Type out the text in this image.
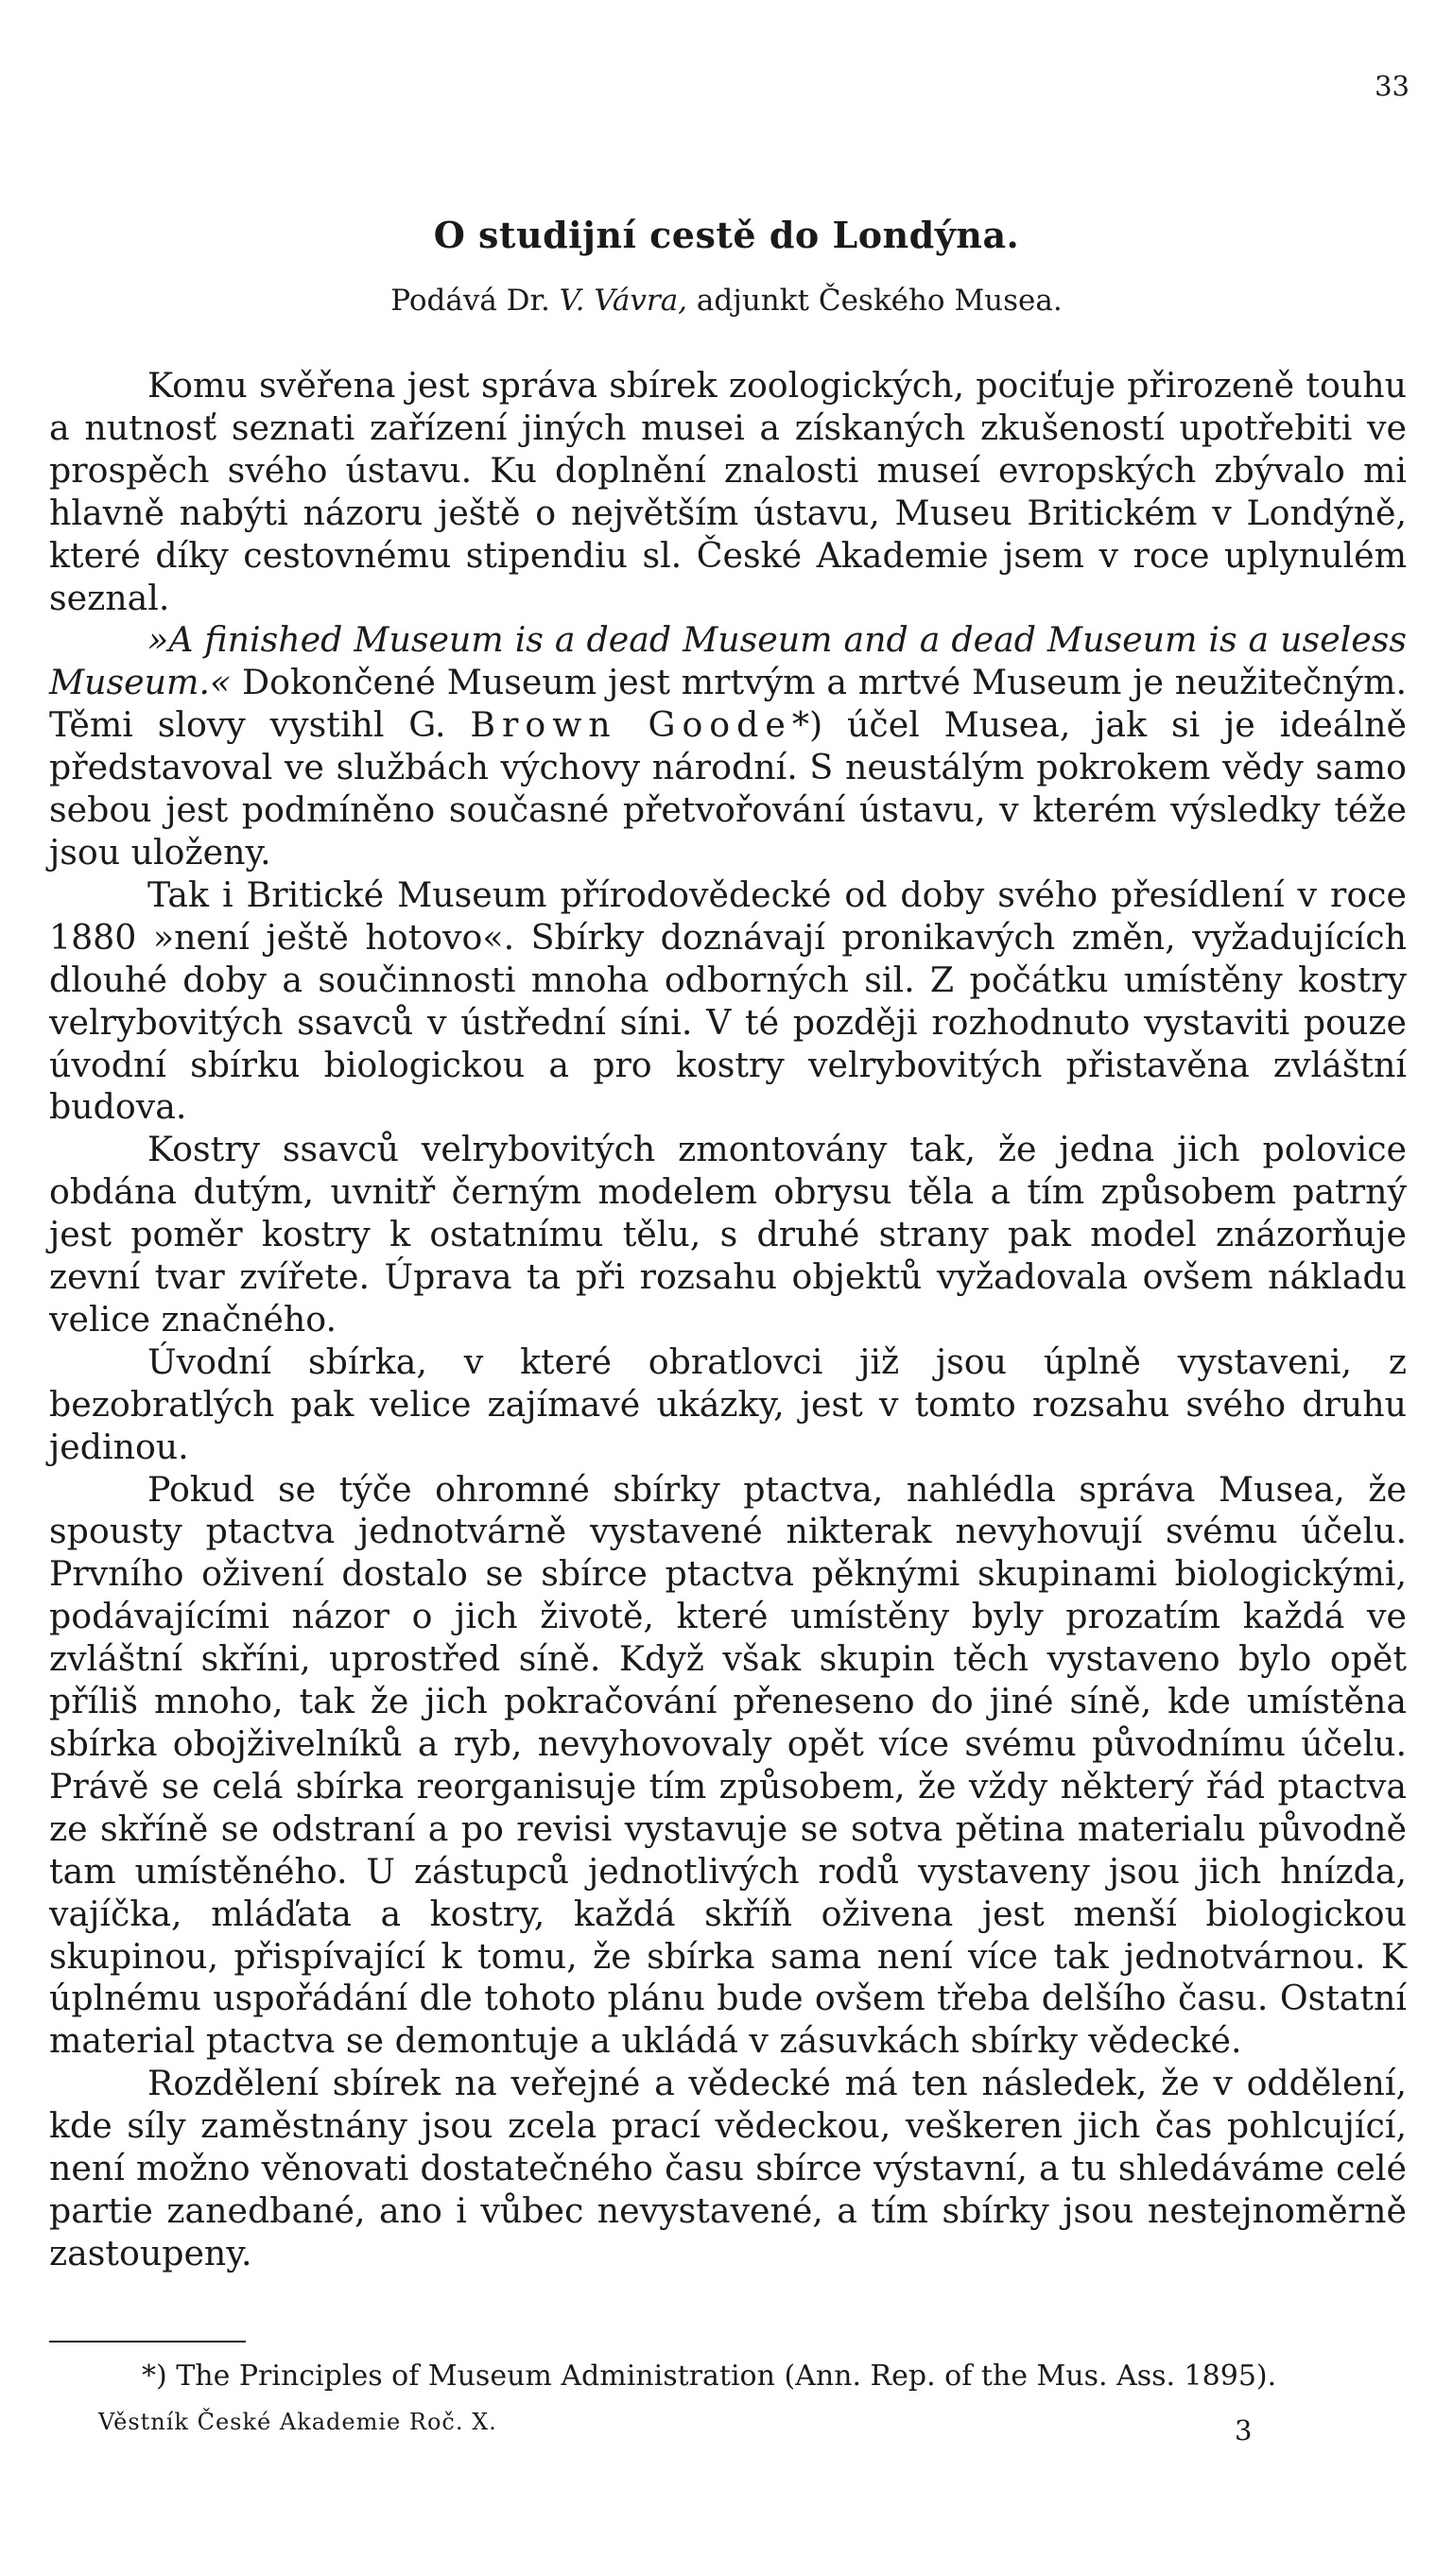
33
O studijní cestě do Londýna.
Podává Dr. V. Vávra, adjunkt Českého Musea.

Komu svěřena jest správa sbírek zoologických, pociťuje přirozeně touhu a nutnosť seznati zařízení jiných musei a získaných zkušeností upotřebiti ve prospěch svého ústavu. Ku doplnění znalosti museí evropských zbývalo mi hlavně nabýti názoru ještě o největším ústavu, Museu Britickém v Londýně, které díky cestovnému stipendiu sl. České Akademie jsem v roce uplynulém seznal.

»A finished Museum is a dead Museum and a dead Museum is a useless Museum.« Dokončené Museum jest mrtvým a mrtvé Museum je neužitečným. Těmi slovy vystihl G. Brown Goode*) účel Musea, jak si je ideálně představoval ve službách výchovy národní. S neustálým pokrokem vědy samo sebou jest podmíněno současné přetvořování ústavu, v kterém výsledky téže jsou uloženy.

Tak i Britické Museum přírodovědecké od doby svého přesídlení v roce 1880 »není ještě hotovo«. Sbírky doznávají pronikavých změn, vyžadujících dlouhé doby a součinnosti mnoha odborných sil. Z počátku umístěny kostry velrybovitých ssavců v ústřední síni. V té později rozhodnuto vystaviti pouze úvodní sbírku biologickou a pro kostry velrybovitých přistavěna zvláštní budova.

Kostry ssavců velrybovitých zmontovány tak, že jedna jich polovice obdána dutým, uvnitř černým modelem obrysu těla a tím způsobem patrný jest poměr kostry k ostatnímu tělu, s druhé strany pak model znázorňuje zevní tvar zvířete. Úprava ta při rozsahu objektů vyžadovala ovšem nákladu velice značného.

Úvodní sbírka, v které obratlovci již jsou úplně vystaveni, z bezobratlých pak velice zajímavé ukázky, jest v tomto rozsahu svého druhu jedinou.

Pokud se týče ohromné sbírky ptactva, nahlédla správa Musea, že spousty ptactva jednotvárně vystavené nikterak nevyhovují svému účelu. Prvního oživení dostalo se sbírce ptactva pěknými skupinami biologickými, podávajícími názor o jich životě, které umístěny byly prozatím každá ve zvláštní skříni, uprostřed síně. Když však skupin těch vystaveno bylo opět příliš mnoho, tak že jich pokračování přeneseno do jiné síně, kde umístěna sbírka obojživelníků a ryb, nevyhovovaly opět více svému původnímu účelu. Právě se celá sbírka reorganisuje tím způsobem, že vždy některý řád ptactva ze skříně se odstraní a po revisi vystavuje se sotva pětina materialu původně tam umístěného. U zástupců jednotlivých rodů vystaveny jsou jich hnízda, vajíčka, mláďata a kostry, každá skříň oživena jest menší biologickou skupinou, přispívající k tomu, že sbírka sama není více tak jednotvárnou. K úplnému uspořádání dle tohoto plánu bude ovšem třeba delšího času. Ostatní material ptactva se demontuje a ukládá v zásuvkách sbírky vědecké.

Rozdělení sbírek na veřejné a vědecké má ten následek, že v oddělení, kde síly zaměstnány jsou zcela prací vědeckou, veškeren jich čas pohlcující, není možno věnovati dostatečného času sbírce výstavní, a tu shledáváme celé partie zanedbané, ano i vůbec nevystavené, a tím sbírky jsou nestejnoměrně zastoupeny.

*) The Principles of Museum Administration (Ann. Rep. of the Mus. Ass. 1895).
Věstník České Akademie Roč. X.	3
